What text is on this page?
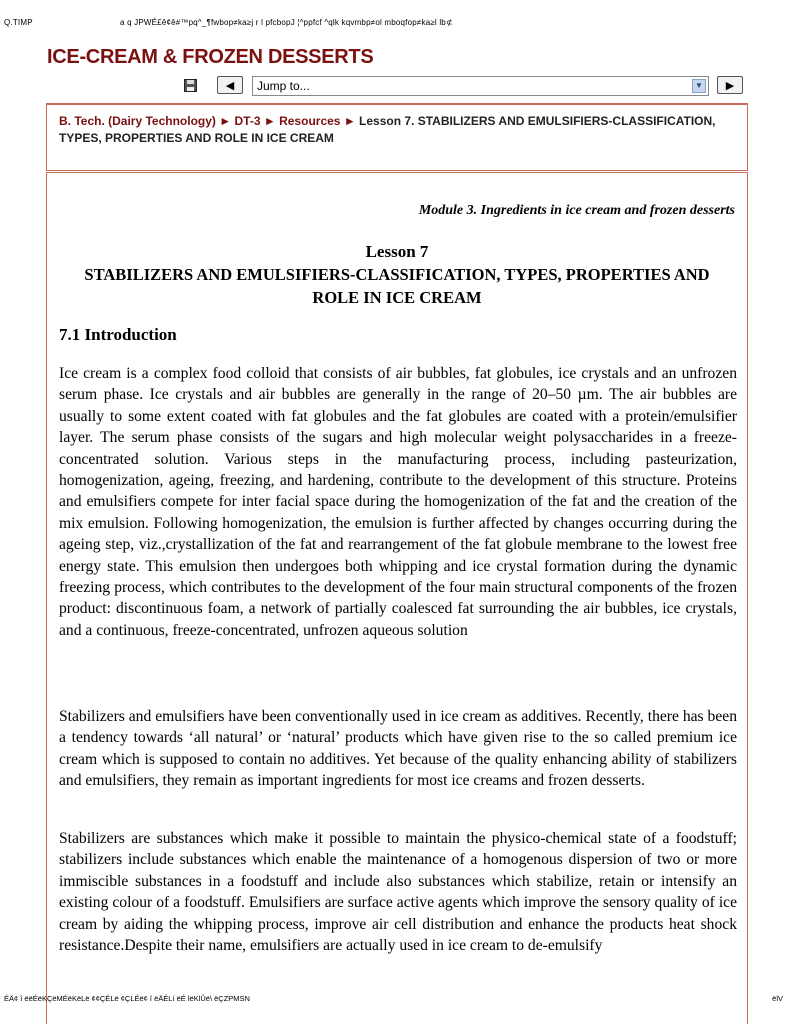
Q.TIMP	a q JPWÉ£ê¢ê#™pq^_¶fwbop≠ka≥j r l pfcbopJ ¦^ppfcf ^qlk kqvmbp≠ol mboqfop≠ka≥l lb⊄
ICE-CREAM & FROZEN DESSERTS
◀	Jump to...	▼	▶
B. Tech. (Dairy Technology) ► DT-3 ► Resources ► Lesson 7. STABILIZERS AND EMULSIFIERS-CLASSIFICATION, TYPES, PROPERTIES AND ROLE IN ICE CREAM
Module 3. Ingredients in ice cream and frozen desserts
Lesson 7
STABILIZERS AND EMULSIFIERS-CLASSIFICATION, TYPES, PROPERTIES AND ROLE IN ICE CREAM
7.1 Introduction

Ice cream is a complex food colloid that consists of air bubbles, fat globules, ice crystals and an unfrozen serum phase. Ice crystals and air bubbles are generally in the range of 20–50 µm. The air bubbles are usually to some extent coated with fat globules and the fat globules are coated with a protein/emulsifier layer. The serum phase consists of the sugars and high molecular weight polysaccharides in a freeze-concentrated solution. Various steps in the manufacturing process, including pasteurization, homogenization, ageing, freezing, and hardening, contribute to the development of this structure. Proteins and emulsifiers compete for inter facial space during the homogenization of the fat and the creation of the mix emulsion. Following homogenization, the emulsion is further affected by changes occurring during the ageing step, viz.,crystallization of the fat and rearrangement of the fat globule membrane to the lowest free energy state. This emulsion then undergoes both whipping and ice crystal formation during the dynamic freezing process, which contributes to the development of the four main structural components of the frozen product: discontinuous foam, a network of partially coalesced fat surrounding the air bubbles, ice crystals, and a continuous, freeze-concentrated, unfrozen aqueous solution

Stabilizers and emulsifiers have been conventionally used in ice cream as additives. Recently, there has been a tendency towards ‘all natural’ or ‘natural’ products which have given rise to the so called premium ice cream which is supposed to contain no additives. Yet because of the quality enhancing ability of stabilizers and emulsifiers, they remain as important ingredients for most ice creams and frozen desserts.

Stabilizers are substances which make it possible to maintain the physico-chemical state of a foodstuff; stabilizers include substances which enable the maintenance of a homogenous dispersion of two or more immiscible substances in a foodstuff and include also substances which stabilize, retain or intensify an existing colour of a foodstuff. Emulsifiers are surface active agents which improve the sensory quality of ice cream by aiding the whipping process, improve air cell distribution and enhance the products heat shock resistance.Despite their name, emulsifiers are actually used in ice cream to de-emulsify

ÉÄ¢ î ëëÉëKÇëMÉëKëLë ¢¢ÇÉLë ¢ÇLÉë¢ î ëÄÉLí ëÉ lëKlÛë\ ëÇZPMSN	ëlV
